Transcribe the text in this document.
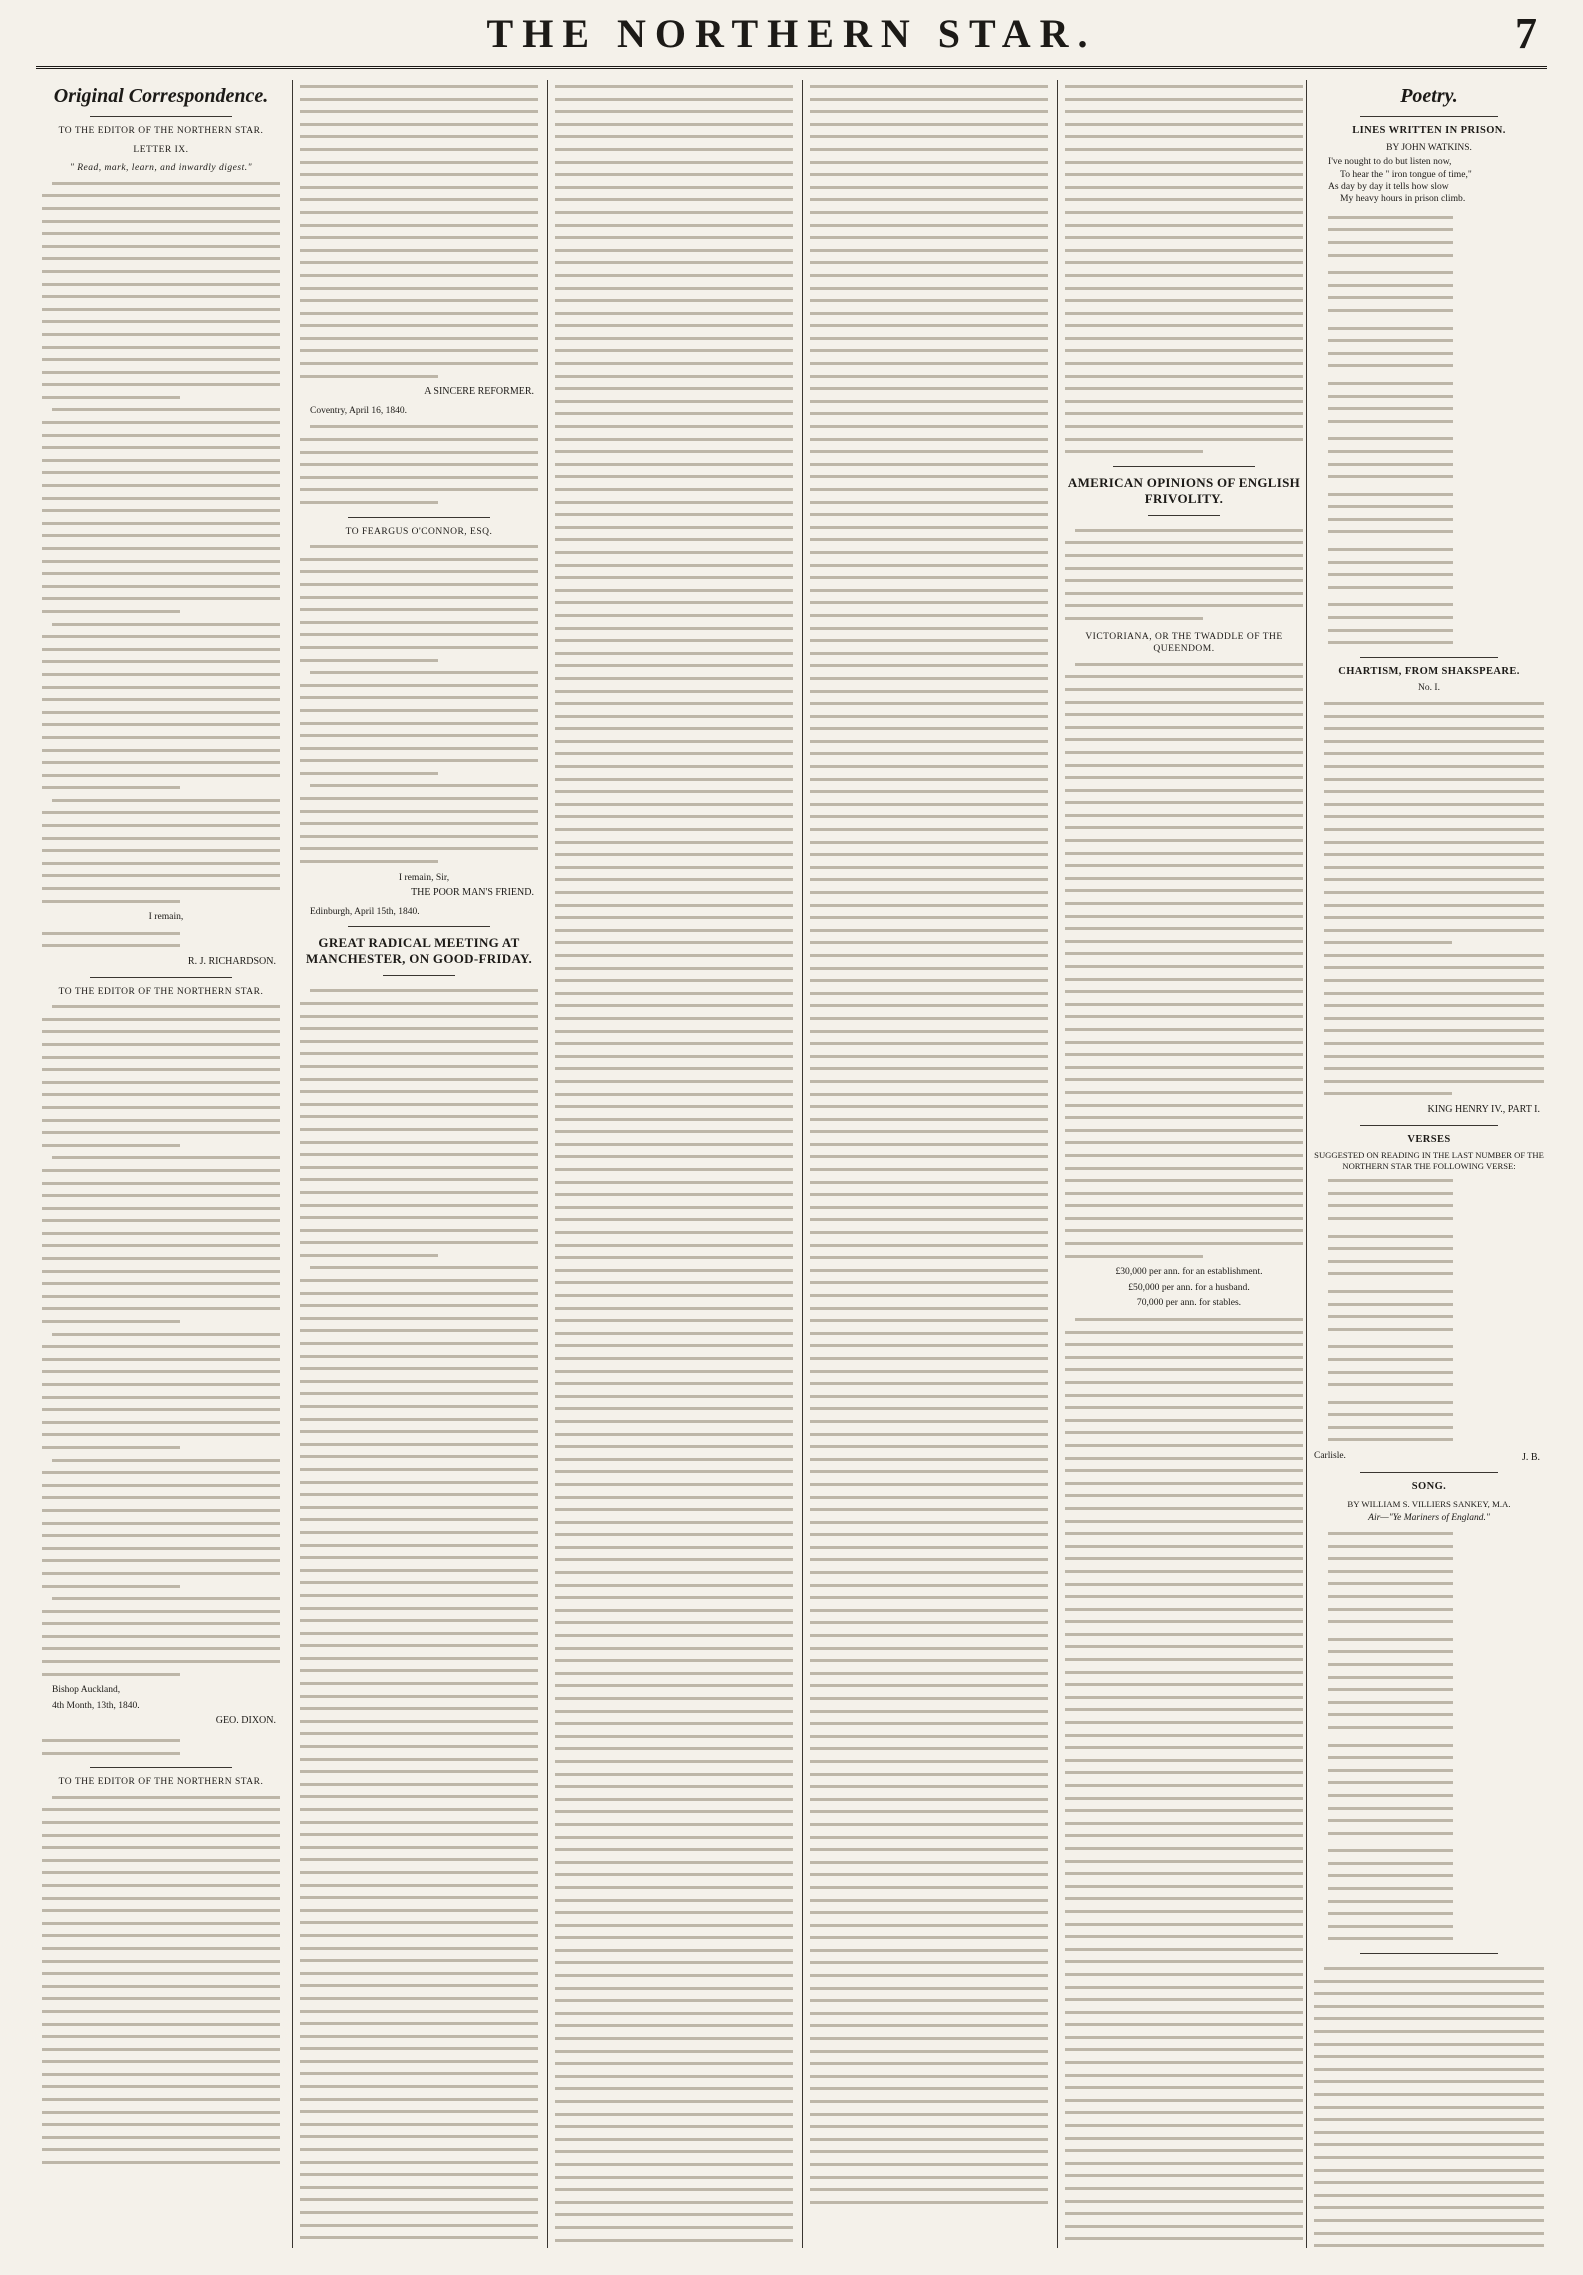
THE NORTHERN STAR.	7
Original Correspondence.
TO THE EDITOR OF THE NORTHERN STAR.
LETTER IX.
" Read, mark, learn, and inwardly digest."
I remain,
R. J. RICHARDSON.
TO THE EDITOR OF THE NORTHERN STAR.
Bishop Auckland,
4th Month, 13th, 1840.
GEO. DIXON.
TO THE EDITOR OF THE NORTHERN STAR.
A SINCERE REFORMER.
Coventry, April 16, 1840.
TO FEARGUS O'CONNOR, ESQ.
I remain, Sir,
THE POOR MAN'S FRIEND.
Edinburgh, April 15th, 1840.
GREAT RADICAL MEETING AT MANCHESTER, ON GOOD-FRIDAY.
AMERICAN OPINIONS OF ENGLISH FRIVOLITY.
VICTORIANA, OR THE TWADDLE OF THE QUEENDOM.
£30,000 per ann. for an establishment.
£50,000 per ann. for a husband.
70,000 per ann. for stables.
Poetry.
LINES WRITTEN IN PRISON.
BY JOHN WATKINS.
I've nought to do but listen now,
To hear the " iron tongue of time,"
As day by day it tells how slow
My heavy hours in prison climb.
CHARTISM, FROM SHAKSPEARE.
No. I.
KING HENRY IV., PART I.
VERSES
SUGGESTED ON READING IN THE LAST NUMBER OF THE NORTHERN STAR THE FOLLOWING VERSE:
Carlisle.	J. B.
SONG.
BY WILLIAM S. VILLIERS SANKEY, M.A.
Air—"Ye Mariners of England."
